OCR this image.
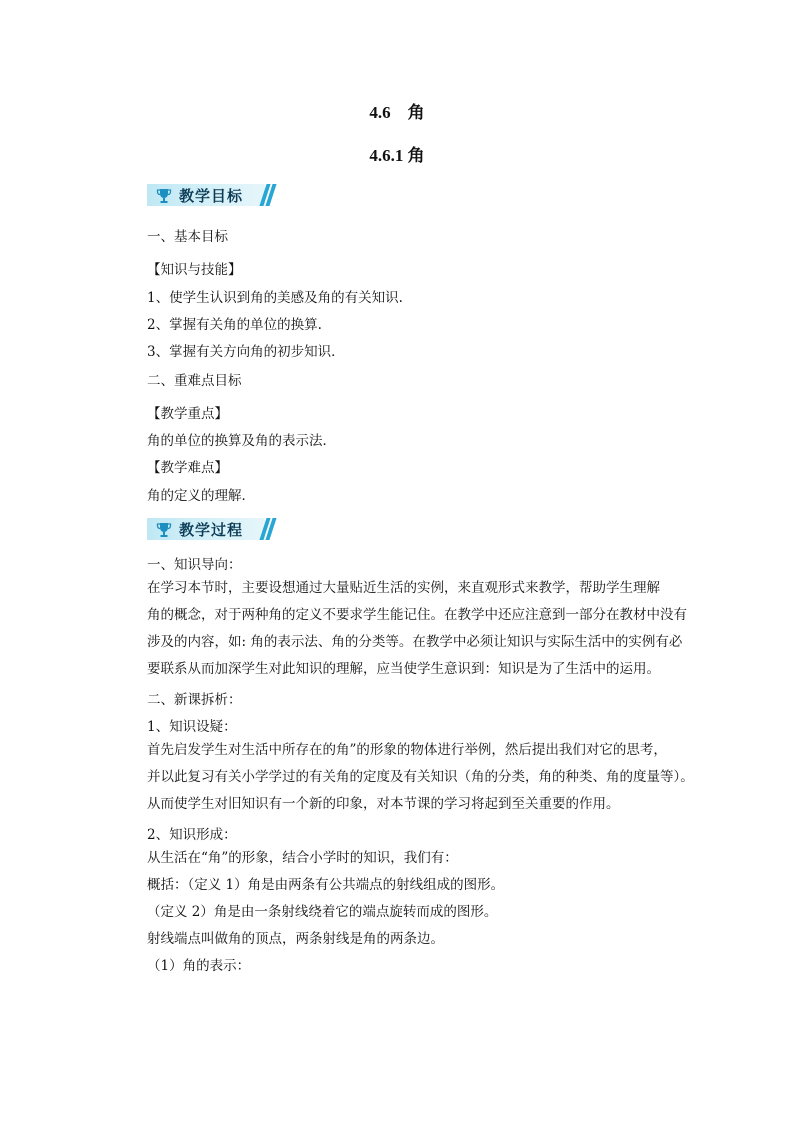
4.6　角
4.6.1 角
教学目标
一、基本目标
【知识与技能】
1、使学生认识到角的美感及角的有关知识.
2、掌握有关角的单位的换算.
3、掌握有关方向角的初步知识．
二、重难点目标
【教学重点】
角的单位的换算及角的表示法．
【教学难点】
角的定义的理解．
教学过程
一、知识导向：
在学习本节时，主要设想通过大量贴近生活的实例，来直观形式来教学，帮助学生理解
角的概念，对于两种角的定义不要求学生能记住。在教学中还应注意到一部分在教材中没有
涉及的内容，如: 角的表示法、角的分类等。在教学中必须让知识与实际生活中的实例有必
要联系从而加深学生对此知识的理解，应当使学生意识到：知识是为了生活中的运用。
二、新课拆析：
1、知识设疑：
首先启发学生对生活中所存在的角”的形象的物体进行举例，然后提出我们对它的思考，
并以此复习有关小学学过的有关角的定度及有关知识（角的分类，角的种类、角的度量等）。
从而使学生对旧知识有一个新的印象，对本节课的学习将起到至关重要的作用。
2、知识形成：
从生活在“角”的形象，结合小学时的知识，我们有：
概括：（定义 1）角是由两条有公共端点的射线组成的图形。
（定义 2）角是由一条射线绕着它的端点旋转而成的图形。
射线端点叫做角的顶点，两条射线是角的两条边。
（1）角的表示：
